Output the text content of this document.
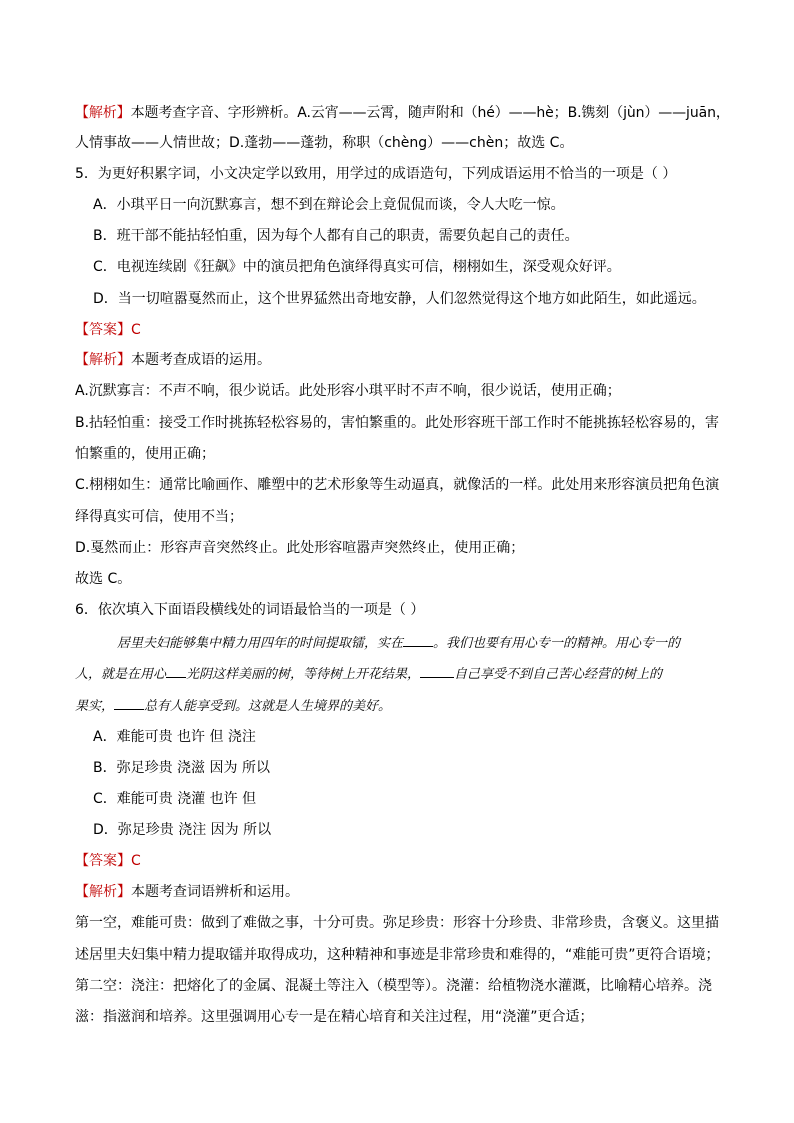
【解析】本题考查字音、字形辨析。A.云宵——云霄，随声附和（hé）——hè；B.镌刻（jùn）——juān，
人情事故——人情世故；D.蓬勃——蓬勃，称职（chèng）——chèn；故选 C。
5．为更好积累字词，小文决定学以致用，用学过的成语造句，下列成语运用不恰当的一项是（ ）
A．小琪平日一向沉默寡言，想不到在辩论会上竟侃侃而谈，令人大吃一惊。
B．班干部不能拈轻怕重，因为每个人都有自己的职责，需要负起自己的责任。
C．电视连续剧《狂飙》中的演员把角色演绎得真实可信，栩栩如生，深受观众好评。
D．当一切喧嚣戛然而止，这个世界猛然出奇地安静，人们忽然觉得这个地方如此陌生，如此遥远。
【答案】C
【解析】本题考查成语的运用。
A.沉默寡言：不声不响，很少说话。此处形容小琪平时不声不响，很少说话，使用正确；
B.拈轻怕重：接受工作时挑拣轻松容易的，害怕繁重的。此处形容班干部工作时不能挑拣轻松容易的，害
怕繁重的，使用正确；
C.栩栩如生：通常比喻画作、雕塑中的艺术形象等生动逼真，就像活的一样。此处用来形容演员把角色演
绎得真实可信，使用不当；
D.戛然而止：形容声音突然终止。此处形容喧嚣声突然终止，使用正确；
故选 C。
6．依次填入下面语段横线处的词语最恰当的一项是（ ）
居里夫妇能够集中精力用四年的时间提取镭，实在 。我们也要有用心专一的精神。用心专一的
人，就是在用心 光阴这样美丽的树，等待树上开花结果，	自己享受不到自己苦心经营的树上的
果实， 总有人能享受到。这就是人生境界的美好。
A．难能可贵 也许 但 浇注
B．弥足珍贵 浇滋 因为 所以
C．难能可贵 浇灌 也许 但
D．弥足珍贵 浇注 因为 所以
【答案】C
【解析】本题考查词语辨析和运用。
第一空，难能可贵：做到了难做之事，十分可贵。弥足珍贵：形容十分珍贵、非常珍贵，含褒义。这里描
述居里夫妇集中精力提取镭并取得成功，这种精神和事迹是非常珍贵和难得的，“难能可贵”更符合语境；
第二空：浇注：把熔化了的金属、混凝土等注入（模型等）。浇灌：给植物浇水灌溉，比喻精心培养。浇
滋：指滋润和培养。这里强调用心专一是在精心培育和关注过程，用“浇灌”更合适；
